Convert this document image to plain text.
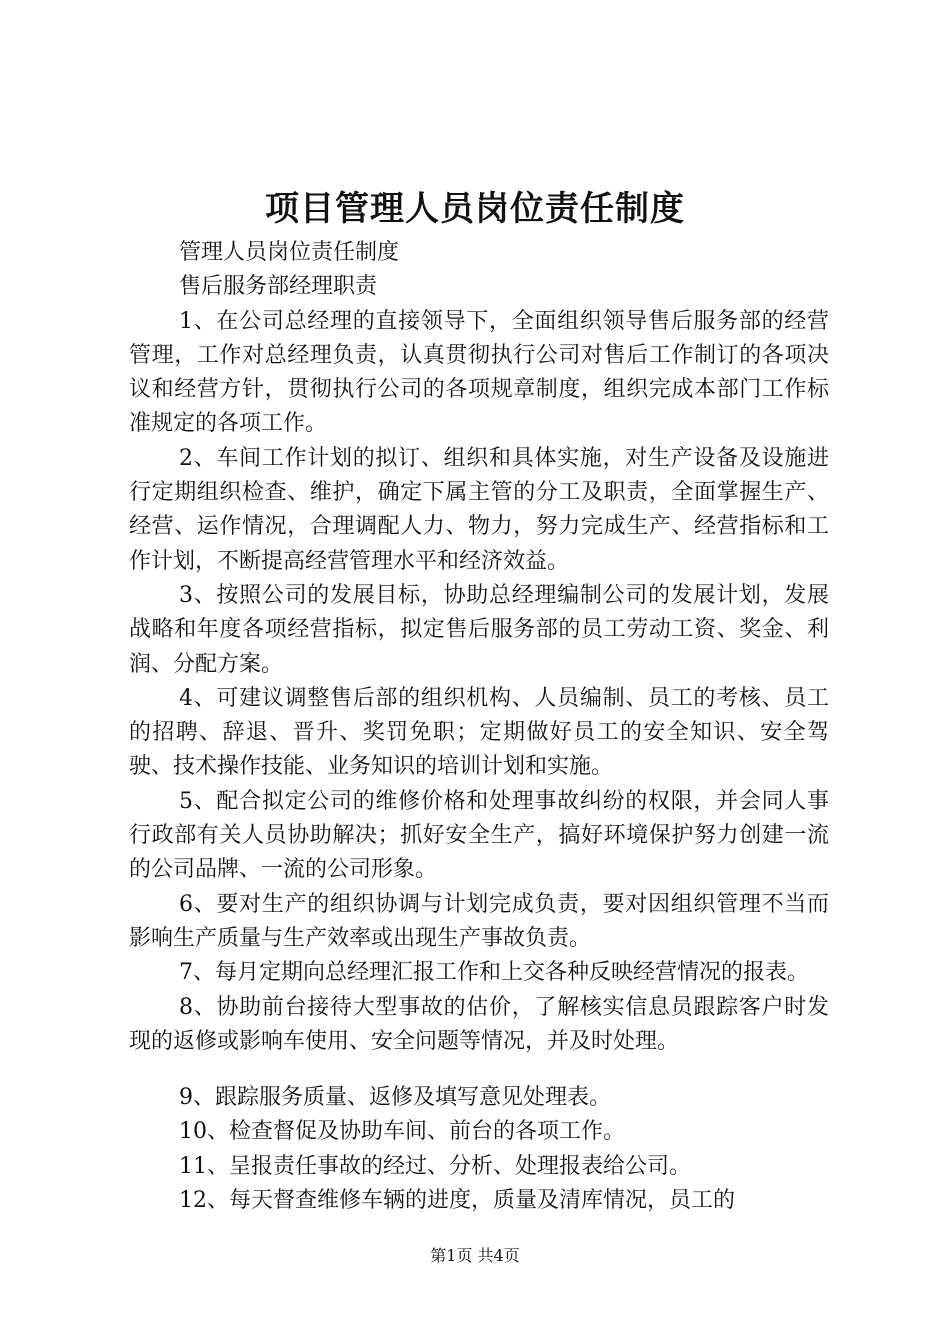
项目管理人员岗位责任制度

管理人员岗位责任制度

售后服务部经理职责

1、在公司总经理的直接领导下，全面组织领导售后服务部的经营管理，工作对总经理负责，认真贯彻执行公司对售后工作制订的各项决议和经营方针，贯彻执行公司的各项规章制度，组织完成本部门工作标准规定的各项工作。

2、车间工作计划的拟订、组织和具体实施，对生产设备及设施进行定期组织检查、维护，确定下属主管的分工及职责，全面掌握生产、经营、运作情况，合理调配人力、物力，努力完成生产、经营指标和工作计划，不断提高经营管理水平和经济效益。

3、按照公司的发展目标，协助总经理编制公司的发展计划，发展战略和年度各项经营指标，拟定售后服务部的员工劳动工资、奖金、利润、分配方案。

4、可建议调整售后部的组织机构、人员编制、员工的考核、员工的招聘、辞退、晋升、奖罚免职；定期做好员工的安全知识、安全驾驶、技术操作技能、业务知识的培训计划和实施。

5、配合拟定公司的维修价格和处理事故纠纷的权限，并会同人事行政部有关人员协助解决；抓好安全生产，搞好环境保护努力创建一流的公司品牌、一流的公司形象。

6、要对生产的组织协调与计划完成负责，要对因组织管理不当而影响生产质量与生产效率或出现生产事故负责。

7、每月定期向总经理汇报工作和上交各种反映经营情况的报表。

8、协助前台接待大型事故的估价，了解核实信息员跟踪客户时发现的返修或影响车使用、安全问题等情况，并及时处理。

9、跟踪服务质量、返修及填写意见处理表。

10、检查督促及协助车间、前台的各项工作。

11、呈报责任事故的经过、分析、处理报表给公司。

12、每天督查维修车辆的进度，质量及清库情况，员工的

第1页 共4页
